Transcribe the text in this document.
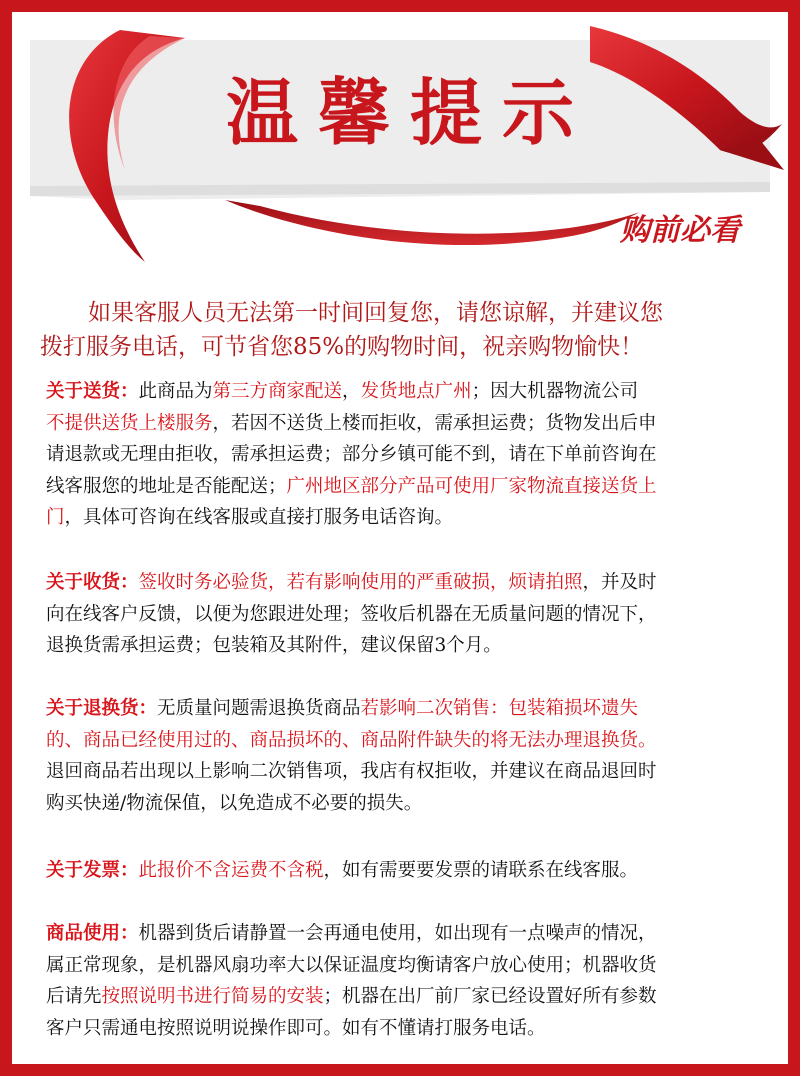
温馨提示
购前必看
如果客服人员无法第一时间回复您，请您谅解，并建议您
拨打服务电话，可节省您85%的购物时间，祝亲购物愉快！
关于送货：此商品为第三方商家配送，发货地点广州；因大机器物流公司
不提供送货上楼服务，若因不送货上楼而拒收，需承担运费；货物发出后申
请退款或无理由拒收，需承担运费；部分乡镇可能不到，请在下单前咨询在
线客服您的地址是否能配送；广州地区部分产品可使用厂家物流直接送货上
门，具体可咨询在线客服或直接打服务电话咨询。
关于收货：签收时务必验货，若有影响使用的严重破损，烦请拍照，并及时
向在线客户反馈，以便为您跟进处理；签收后机器在无质量问题的情况下，
退换货需承担运费；包装箱及其附件，建议保留3个月。
关于退换货：无质量问题需退换货商品若影响二次销售：包装箱损坏遗失
的、商品已经使用过的、商品损坏的、商品附件缺失的将无法办理退换货。
退回商品若出现以上影响二次销售项，我店有权拒收，并建议在商品退回时
购买快递/物流保值，以免造成不必要的损失。
关于发票：此报价不含运费不含税，如有需要要发票的请联系在线客服。
商品使用：机器到货后请静置一会再通电使用，如出现有一点噪声的情况，
属正常现象，是机器风扇功率大以保证温度均衡请客户放心使用；机器收货
后请先按照说明书进行简易的安装；机器在出厂前厂家已经设置好所有参数
客户只需通电按照说明说操作即可。如有不懂请打服务电话。
